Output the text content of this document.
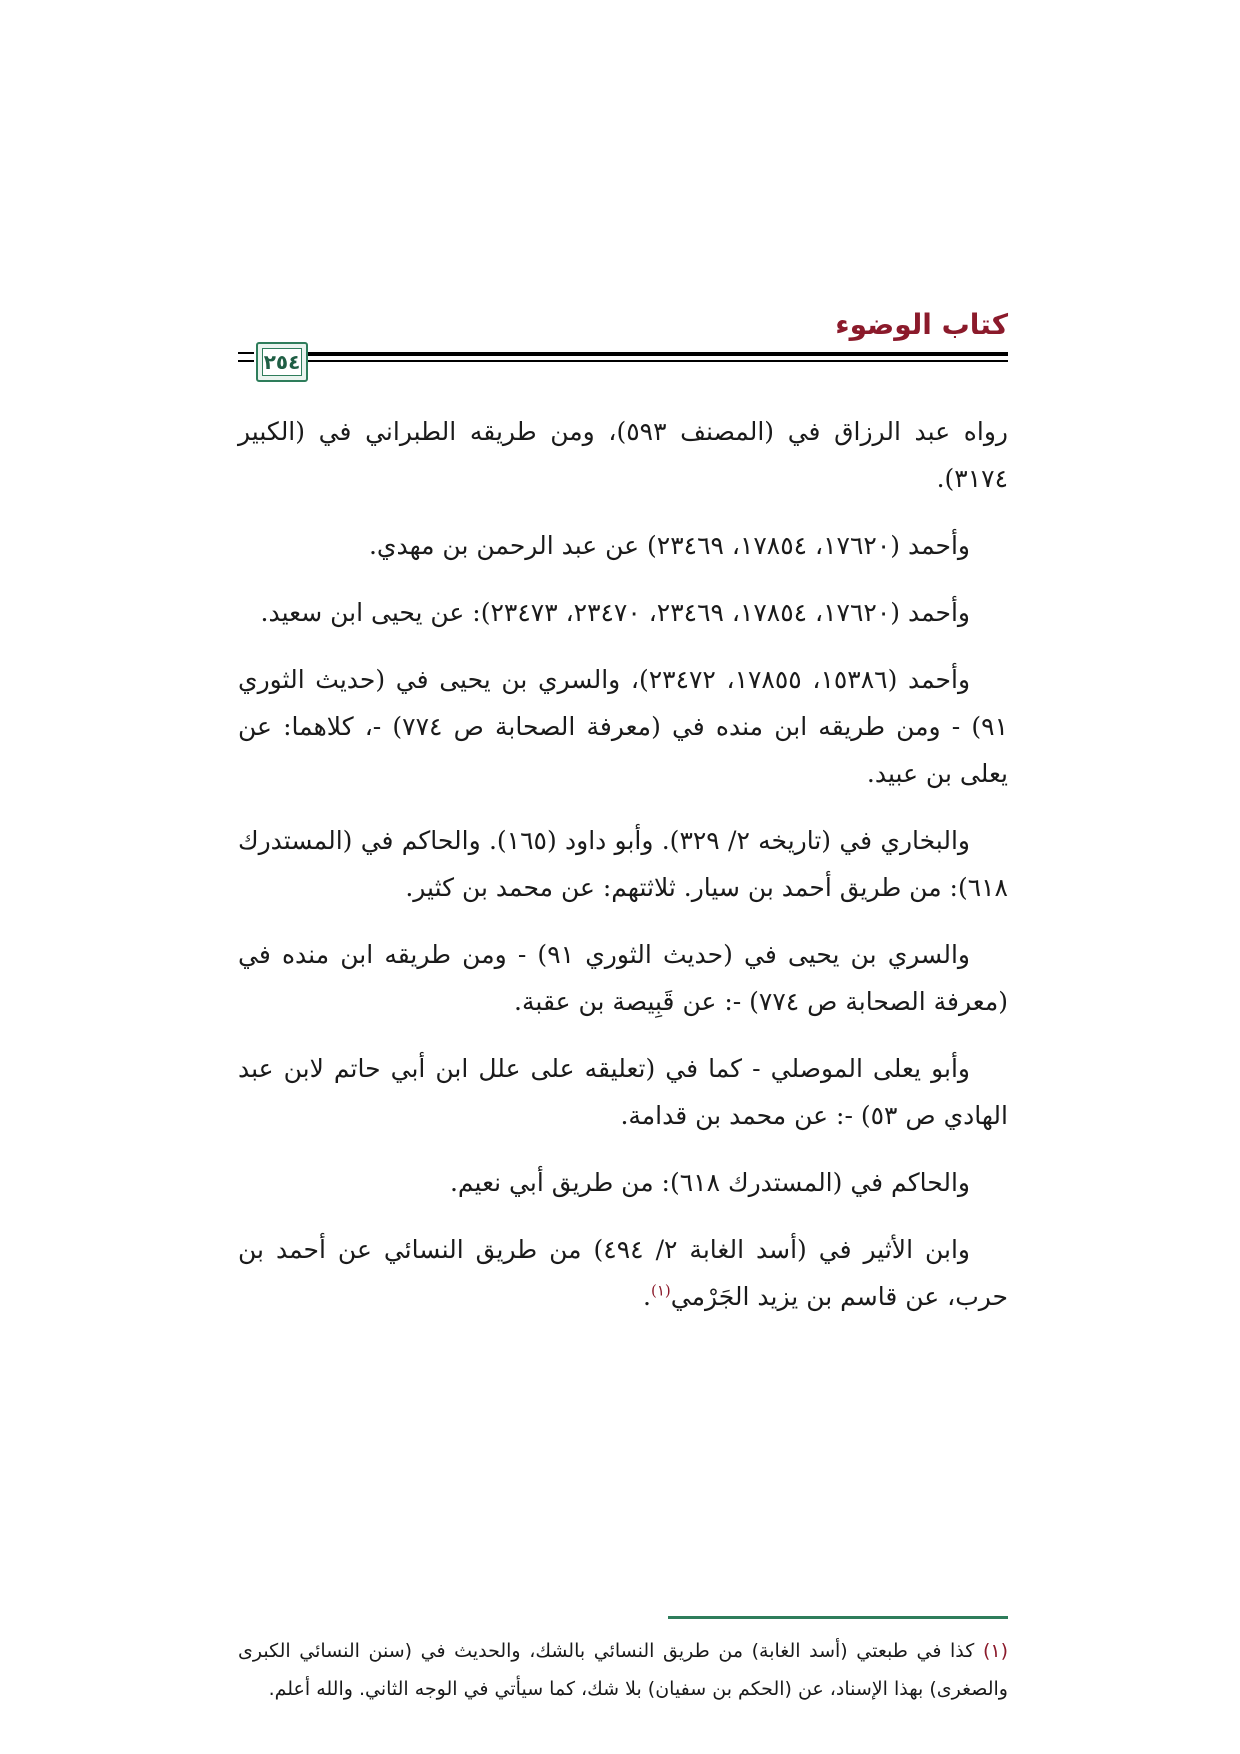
كتاب الوضوء
٢٥٤

رواه عبد الرزاق في (المصنف ٥٩٣)، ومن طريقه الطبراني في (الكبير ٣١٧٤).

وأحمد (١٧٦٢٠، ١٧٨٥٤، ٢٣٤٦٩) عن عبد الرحمن بن مهدي.

وأحمد (١٧٦٢٠، ١٧٨٥٤، ٢٣٤٦٩، ٢٣٤٧٠، ٢٣٤٧٣): عن يحيى ابن سعيد.

وأحمد (١٥٣٨٦، ١٧٨٥٥، ٢٣٤٧٢)، والسري بن يحيى في (حديث الثوري ٩١) - ومن طريقه ابن منده في (معرفة الصحابة ص ٧٧٤) -، كلاهما: عن يعلى بن عبيد.

والبخاري في (تاريخه ٢/ ٣٢٩). وأبو داود (١٦٥). والحاكم في (المستدرك ٦١٨): من طريق أحمد بن سيار. ثلاثتهم: عن محمد بن كثير.

والسري بن يحيى في (حديث الثوري ٩١) - ومن طريقه ابن منده في (معرفة الصحابة ص ٧٧٤) -: عن قَبِيصة بن عقبة.

وأبو يعلى الموصلي - كما في (تعليقه على علل ابن أبي حاتم لابن عبد الهادي ص ٥٣) -: عن محمد بن قدامة.

والحاكم في (المستدرك ٦١٨): من طريق أبي نعيم.

وابن الأثير في (أسد الغابة ٢/ ٤٩٤) من طريق النسائي عن أحمد بن حرب، عن قاسم بن يزيد الجَرْمي$^{(١)}$.

(١) كذا في طبعتي (أسد الغابة) من طريق النسائي بالشك، والحديث في (سنن النسائي الكبرى والصغرى) بهذا الإسناد، عن (الحكم بن سفيان) بلا شك، كما سيأتي في الوجه الثاني. والله أعلم.
